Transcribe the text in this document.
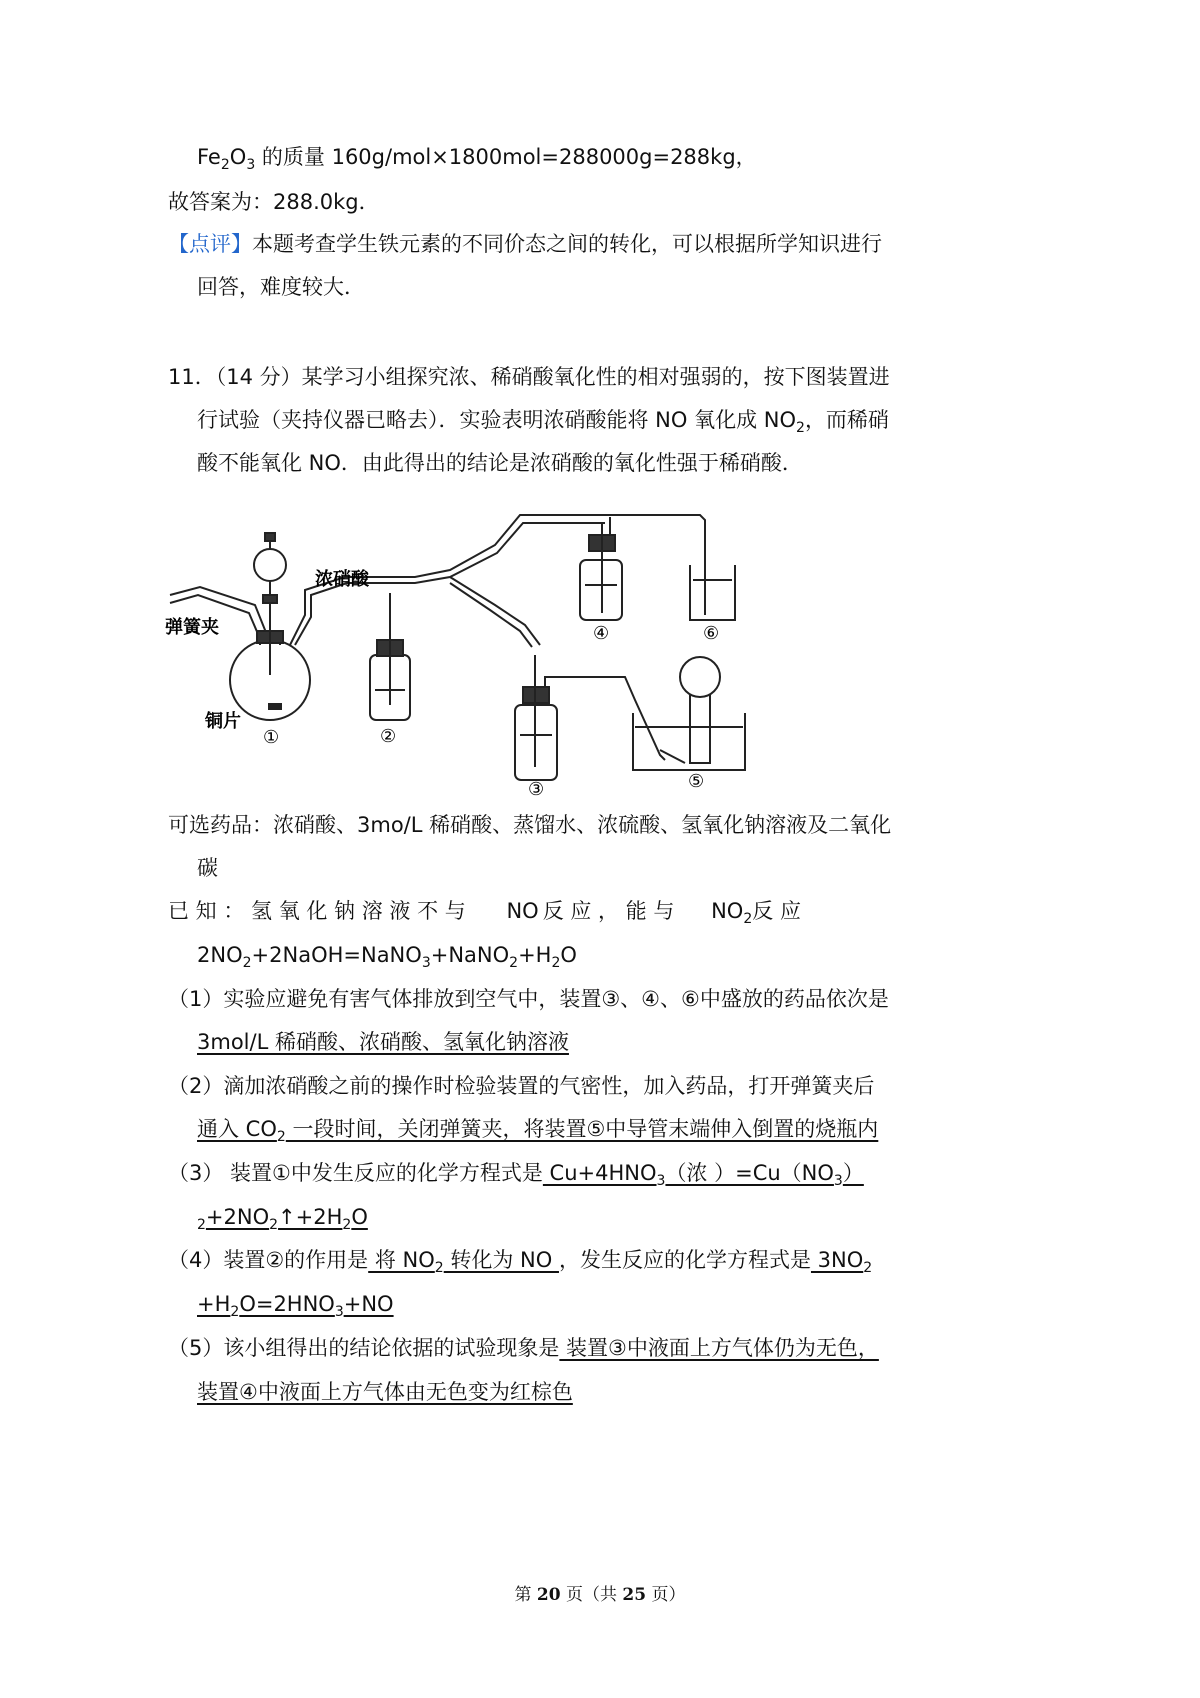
$Fe_2O_3$ 的质量 160g/mol×1800mol=288000g=288kg，
故答案为：288.0kg．
【点评】本题考查学生铁元素的不同价态之间的转化，可以根据所学知识进行
回答，难度较大．
11．（14 分）某学习小组探究浓、稀硝酸氧化性的相对强弱的，按下图装置进
行试验（夹持仪器已略去）．实验表明浓硝酸能将 NO 氧化成 $NO_2$，而稀硝
酸不能氧化 NO．由此得出的结论是浓硝酸的氧化性强于稀硝酸．
浓硝酸
弹簧夹
铜片
①	②
③
④
⑤
⑥
可选药品：浓硝酸、3mo/L 稀硝酸、蒸馏水、浓硫酸、氢氧化钠溶液及二氧化
碳
已 知 ： 氢 氧 化 钠 溶 液 不 与 NO 反 应 ， 能 与 $NO_2$反 应
$2NO_2+2NaOH=NaNO_3+NaNO_2+H_2O$
（1）实验应避免有害气体排放到空气中，装置③、④、⑥中盛放的药品依次是
3mol/L 稀硝酸、浓硝酸、氢氧化钠溶液
（2）滴加浓硝酸之前的操作时检验装置的气密性，加入药品，打开弹簧夹后
通入 $CO_2$ 一段时间，关闭弹簧夹，将装置⑤中导管末端伸入倒置的烧瓶内
（3） 装置①中发生反应的化学方程式是 $Cu+4HNO_3$（浓 ）$=Cu(NO_3)$
$_2+2NO_2↑+2H_2O$
（4）装置②的作用是 将 $NO_2$ 转化为 NO ，发生反应的化学方程式是 $3NO_2$
$+H_2O=2HNO_3+NO$
（5）该小组得出的结论依据的试验现象是 装置③中液面上方气体仍为无色，
装置④中液面上方气体由无色变为红棕色
第 20 页（共 25 页）
